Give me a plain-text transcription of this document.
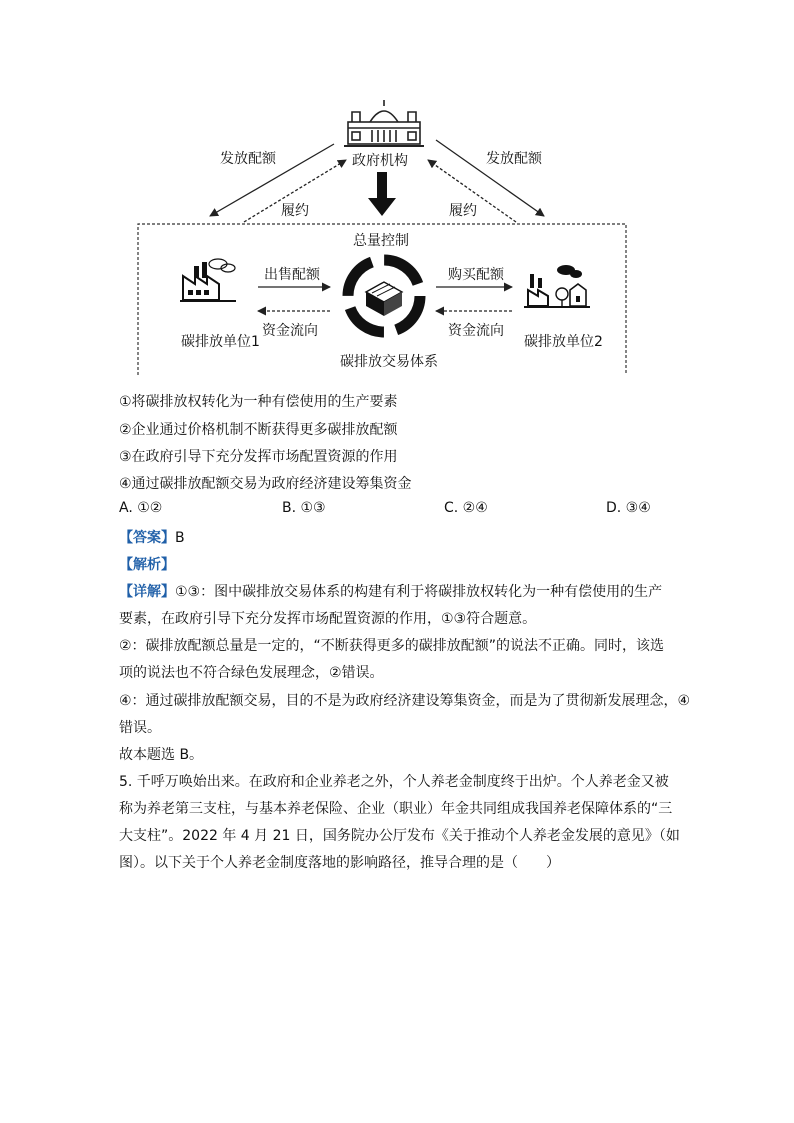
政府机构
发放配额	发放配额
履约	履约
总量控制
出售配额	购买配额
资金流向	资金流向
碳排放单位1	碳排放单位2
碳排放交易体系
①将碳排放权转化为一种有偿使用的生产要素
②企业通过价格机制不断获得更多碳排放配额
③在政府引导下充分发挥市场配置资源的作用
④通过碳排放配额交易为政府经济建设筹集资金
A. ①②	B. ①③	C. ②④	D. ③④
【答案】B
【解析】
【详解】①③：图中碳排放交易体系的构建有利于将碳排放权转化为一种有偿使用的生产
要素，在政府引导下充分发挥市场配置资源的作用，①③符合题意。
②：碳排放配额总量是一定的，“不断获得更多的碳排放配额”的说法不正确。同时，该选
项的说法也不符合绿色发展理念，②错误。
④：通过碳排放配额交易，目的不是为政府经济建设筹集资金，而是为了贯彻新发展理念，④
错误。
故本题选 B。
5. 千呼万唤始出来。在政府和企业养老之外，个人养老金制度终于出炉。个人养老金又被
称为养老第三支柱，与基本养老保险、企业（职业）年金共同组成我国养老保障体系的“三
大支柱”。2022 年 4 月 21 日，国务院办公厅发布《关于推动个人养老金发展的意见》（如
图）。以下关于个人养老金制度落地的影响路径，推导合理的是（　　）
